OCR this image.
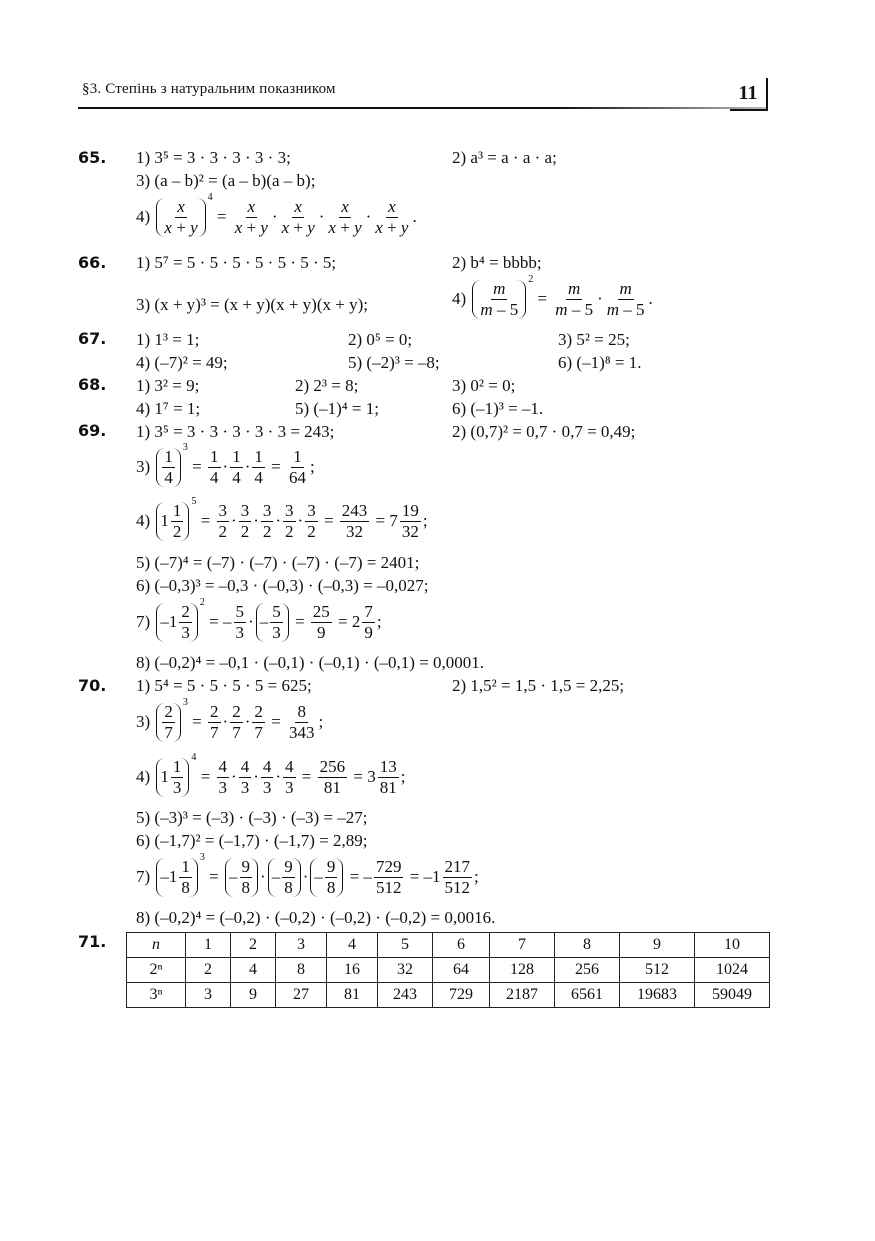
§3. Степінь з натуральним показником	11
65. 1) 3⁵ = 3 · 3 · 3 · 3 · 3;	2) a³ = a · a · a;
3) (a – b)² = (a – b)(a – b);
4)

x
x + y
4
=
x
x + y
·
x
x + y
·
x
x + y
·
x
x + y
.
66. 1) 5⁷ = 5 · 5 · 5 · 5 · 5 · 5 · 5;	2) b⁴ = bbbb;
3) (x + y)³ = (x + y)(x + y)(x + y);	4)

m
m – 5
2
=
m
m – 5
·
m
m – 5
.
67. 1) 1³ = 1;	2) 0⁵ = 0;	3) 5² = 25;
4) (–7)² = 49;	5) (–2)³ = –8;	6) (–1)⁸ = 1.
68. 1) 3² = 9;	2) 2³ = 8;	3) 0² = 0;
4) 1⁷ = 1;	5) (–1)⁴ = 1;	6) (–1)³ = –1.
69. 1) 3⁵ = 3 · 3 · 3 · 3 · 3 = 243;	2) (0,7)² = 0,7 · 0,7 = 0,49;
3)
1
4
3
=
1
4
·
1
4
·
1
4
=
1
64
;
4) 1
1
2
5
=
3
2
·
3
2
·
3
2
·
3
2
·
3
2
=
243
32
= 7
19
32
;
5) (–7)⁴ = (–7) · (–7) · (–7) · (–7) = 2401;
6) (–0,3)³ = –0,3 · (–0,3) · (–0,3) = –0,027;
7) –1
2
3
2
= –
5
3
· –
5
3
=
25
9
= 2
7
9
;
8) (–0,2)⁴ = –0,1 · (–0,1) · (–0,1) · (–0,1) = 0,0001.
70. 1) 5⁴ = 5 · 5 · 5 · 5 = 625;	2) 1,5² = 1,5 · 1,5 = 2,25;
3)
2
7
3
=
2
7
·
2
7
·
2
7
=
8
343
;
4) 1
1
3
4
=
4
3
·
4
3
·
4
3
·
4
3
=
256
81
= 3
13
81
;
5) (–3)³ = (–3) · (–3) · (–3) = –27;
6) (–1,7)² = (–1,7) · (–1,7) = 2,89;
7) –1
1
8
3
= –
9
8
· –
9
8
· –
9
8
= –
729
512
= –1
217
512
;
8) (–0,2)⁴ = (–0,2) · (–0,2) · (–0,2) · (–0,2) = 0,0016.
71.	n	1	2	3	4	5	6	7	8	9	10
2ⁿ	2	4	8	16	32	64	128	256	512	1024
3ⁿ	3	9	27	81	243	729	2187	6561	19683	59049
